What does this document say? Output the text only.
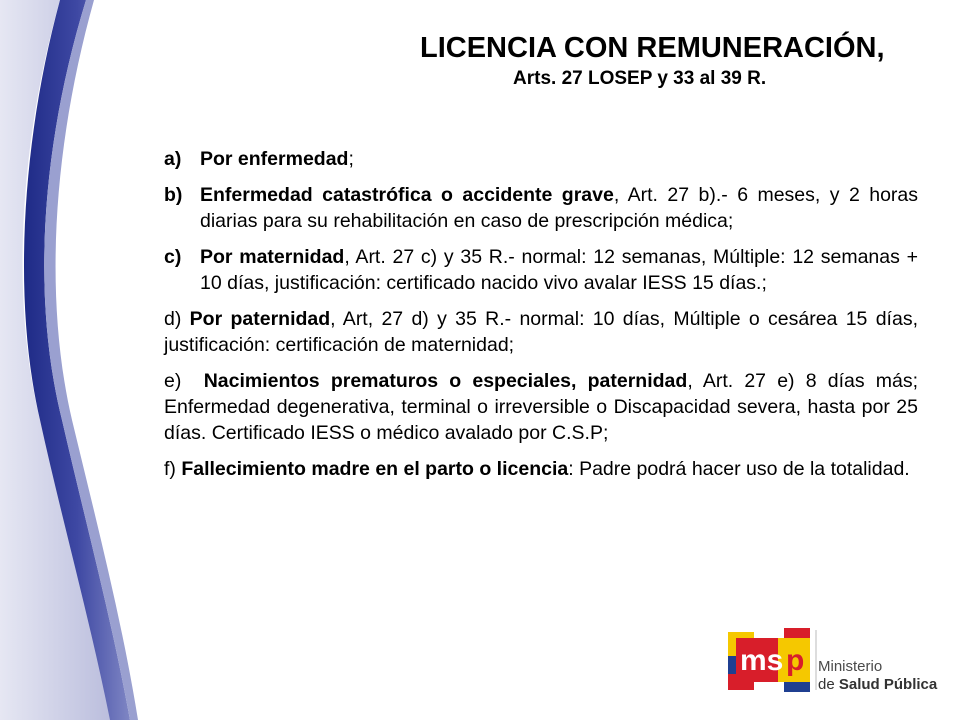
LICENCIA CON REMUNERACIÓN,

Arts. 27 LOSEP y 33 al 39 R.

a) Por enfermedad;
b) Enfermedad catastrófica o accidente grave, Art. 27 b).- 6 meses, y 2 horas diarias para su rehabilitación en caso de prescripción médica;
c) Por maternidad, Art. 27 c) y 35 R.- normal: 12 semanas, Múltiple: 12 semanas + 10 días, justificación: certificado nacido vivo avalar IESS 15 días.;
d) Por paternidad, Art, 27 d) y 35 R.- normal: 10 días, Múltiple o cesárea 15 días, justificación: certificación de maternidad;
e) Nacimientos prematuros o especiales, paternidad, Art. 27 e) 8 días más; Enfermedad degenerativa, terminal o irreversible o Discapacidad severa, hasta por 25 días. Certificado IESS o médico avalado por C.S.P;
f) Fallecimiento madre en el parto o licencia: Padre podrá hacer uso de la totalidad.
ms p Ministerio
de Salud Pública
